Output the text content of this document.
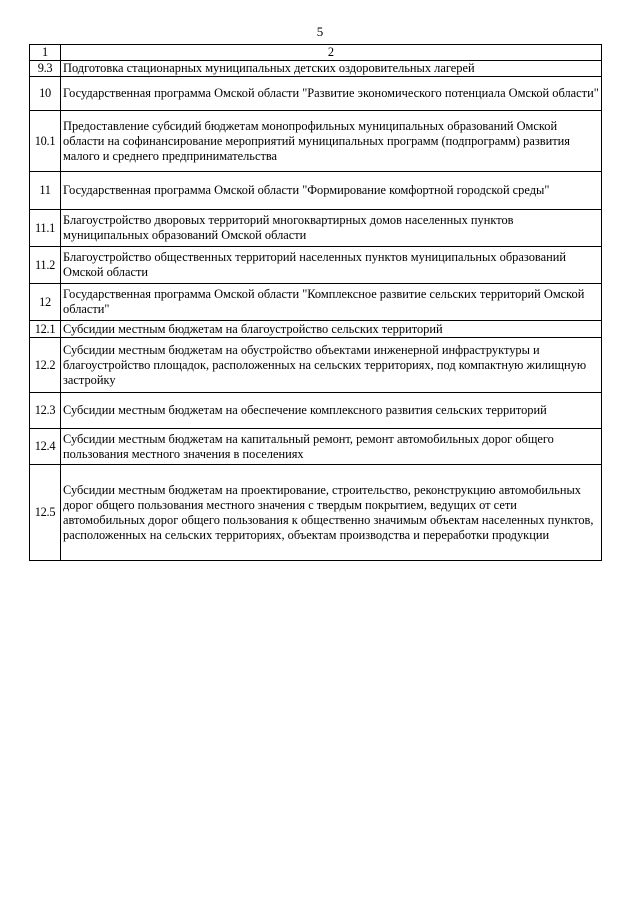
5
1	2
9.3	Подготовка стационарных муниципальных детских оздоровительных лагерей
10	Государственная программа Омской области "Развитие экономического потенциала Омской области"
10.1	Предоставление субсидий бюджетам монопрофильных муниципальных образований Омской области на софинансирование мероприятий муниципальных программ (подпрограмм) развития малого и среднего предпринимательства
11	Государственная программа Омской области "Формирование комфортной городской среды"
11.1	Благоустройство дворовых территорий многоквартирных домов населенных пунктов муниципальных образований Омской области
11.2	Благоустройство общественных территорий населенных пунктов муниципальных образований Омской области
12	Государственная программа Омской области "Комплексное развитие сельских территорий Омской области"
12.1	Субсидии местным бюджетам на благоустройство сельских территорий
12.2	Субсидии местным бюджетам на обустройство объектами инженерной инфраструктуры и благоустройство площадок, расположенных на сельских территориях, под компактную жилищную застройку
12.3	Субсидии местным бюджетам на обеспечение комплексного развития сельских территорий
12.4	Субсидии местным бюджетам на капитальный ремонт, ремонт автомобильных дорог общего пользования местного значения в поселениях
12.5	Субсидии местным бюджетам на проектирование, строительство, реконструкцию автомобильных дорог общего пользования местного значения с твердым покрытием, ведущих от сети автомобильных дорог общего пользования к общественно значимым объектам населенных пунктов, расположенных на сельских территориях, объектам производства и переработки продукции
